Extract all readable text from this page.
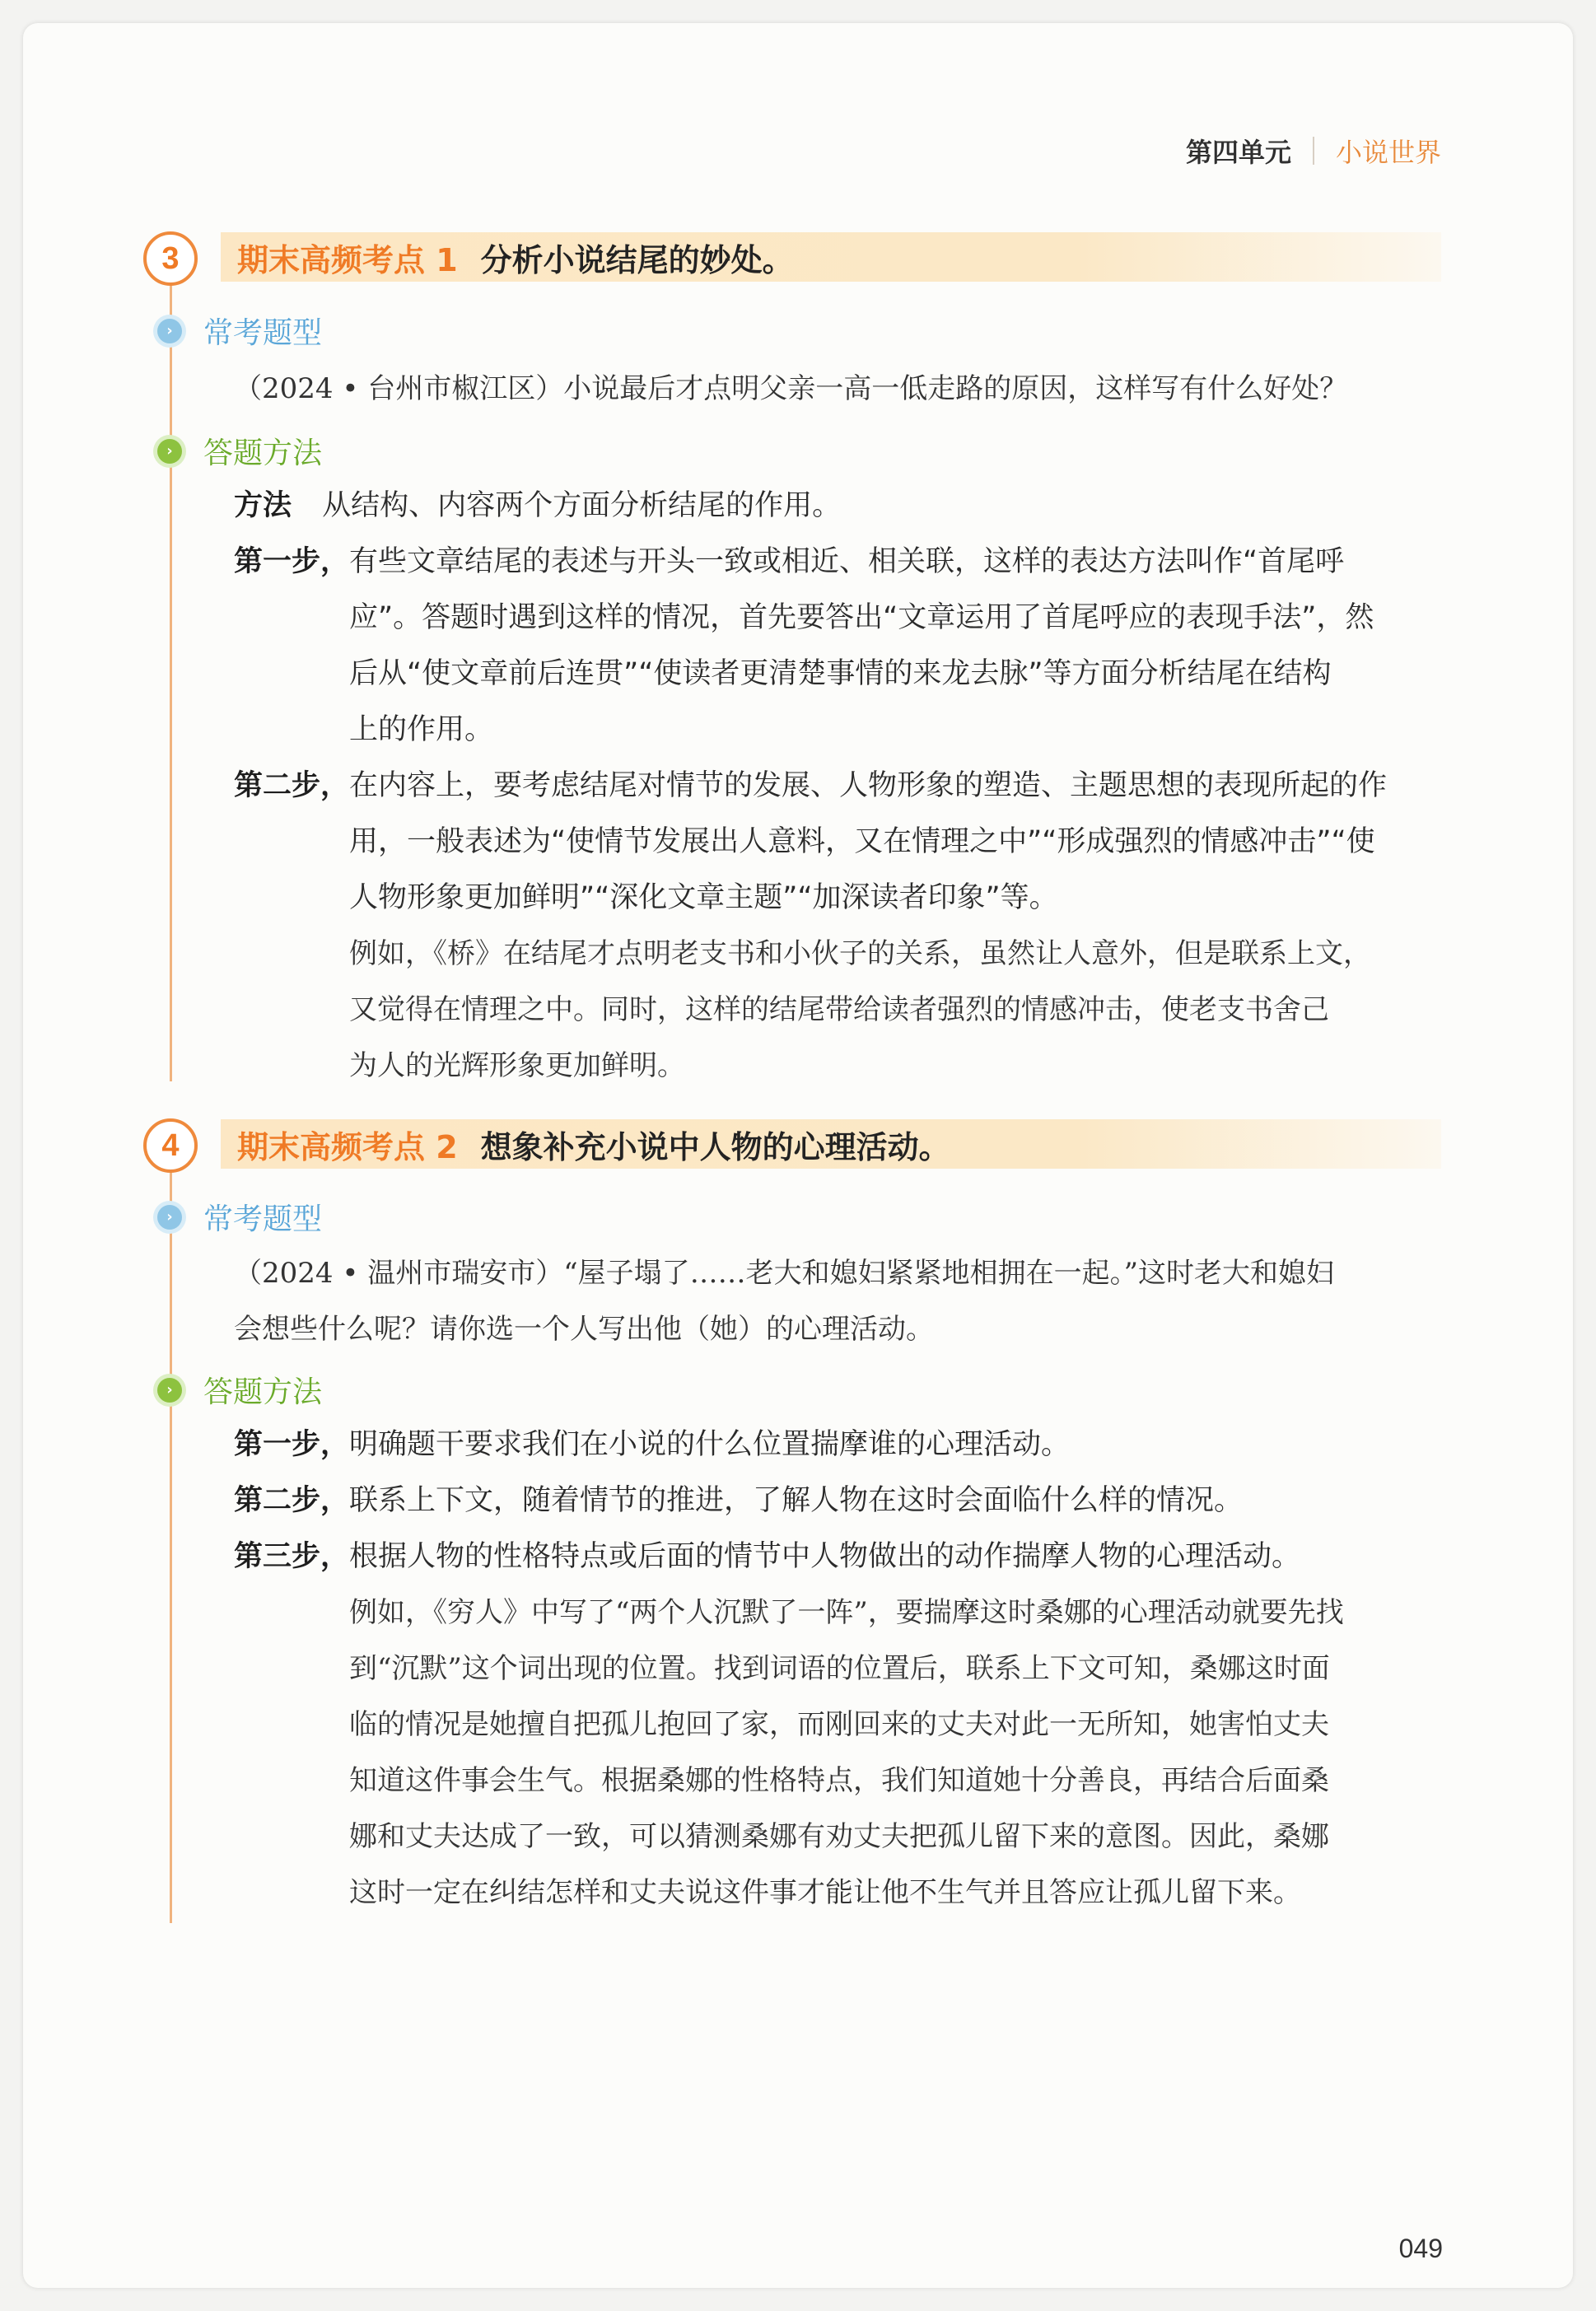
第四单元 小说世界
3	期末高频考点 1 分析小说结尾的妙处。
›	常考题型
（2024 • 台州市椒江区）小说最后才点明父亲一高一低走路的原因，这样写有什么好处？
›	答题方法
方法 从结构、内容两个方面分析结尾的作用。
第一步， 有些文章结尾的表述与开头一致或相近、相关联，这样的表达方法叫作“首尾呼
应”。答题时遇到这样的情况，首先要答出“文章运用了首尾呼应的表现手法”，然
后从“使文章前后连贯”“使读者更清楚事情的来龙去脉”等方面分析结尾在结构
上的作用。
第二步， 在内容上，要考虑结尾对情节的发展、人物形象的塑造、主题思想的表现所起的作
用，一般表述为“使情节发展出人意料，又在情理之中”“形成强烈的情感冲击”“使
人物形象更加鲜明”“深化文章主题”“加深读者印象”等。
例如，《桥》在结尾才点明老支书和小伙子的关系，虽然让人意外，但是联系上文，
又觉得在情理之中。同时，这样的结尾带给读者强烈的情感冲击，使老支书舍己
为人的光辉形象更加鲜明。
4	期末高频考点 2 想象补充小说中人物的心理活动。
›	常考题型
（2024 • 温州市瑞安市）“屋子塌了……老大和媳妇紧紧地相拥在一起。”这时老大和媳妇
会想些什么呢？请你选一个人写出他（她）的心理活动。
›	答题方法
第一步， 明确题干要求我们在小说的什么位置揣摩谁的心理活动。
第二步， 联系上下文，随着情节的推进，了解人物在这时会面临什么样的情况。
第三步， 根据人物的性格特点或后面的情节中人物做出的动作揣摩人物的心理活动。
例如，《穷人》中写了“两个人沉默了一阵”，要揣摩这时桑娜的心理活动就要先找
到“沉默”这个词出现的位置。找到词语的位置后，联系上下文可知，桑娜这时面
临的情况是她擅自把孤儿抱回了家，而刚回来的丈夫对此一无所知，她害怕丈夫
知道这件事会生气。根据桑娜的性格特点，我们知道她十分善良，再结合后面桑
娜和丈夫达成了一致，可以猜测桑娜有劝丈夫把孤儿留下来的意图。因此，桑娜
这时一定在纠结怎样和丈夫说这件事才能让他不生气并且答应让孤儿留下来。
049
